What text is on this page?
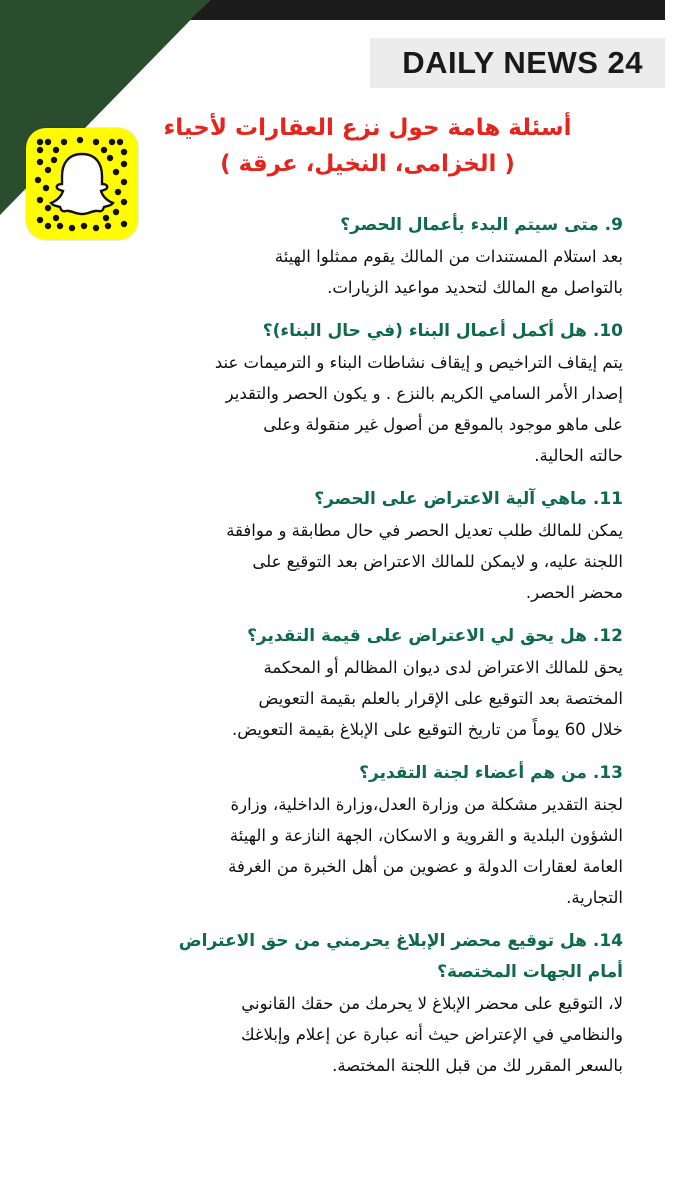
DAILY NEWS 24
أسئلة هامة حول نزع العقارات لأحياء
( الخزامى، النخيل، عرقة )

9. متى سيتم البدء بأعمال الحصر؟

بعد استلام المستندات من المالك يقوم ممثلوا الهيئة

بالتواصل مع المالك لتحديد مواعيد الزيارات.

10. هل أكمل أعمال البناء (في حال البناء)؟

يتم إيقاف التراخيص و إيقاف نشاطات البناء و الترميمات عند

إصدار الأمر السامي الكريم بالنزع . و يكون الحصر والتقدير

على ماهو موجود بالموقع من أصول غير منقولة وعلى

حالته الحالية.

11. ماهي آلية الاعتراض على الحصر؟

يمكن للمالك طلب تعديل الحصر في حال مطابقة و موافقة

اللجنة عليه، و لايمكن للمالك الاعتراض بعد التوقيع على

محضر الحصر.

12. هل يحق لي الاعتراض على قيمة التقدير؟

يحق للمالك الاعتراض لدى ديوان المظالم أو المحكمة

المختصة بعد التوقيع على الإقرار بالعلم بقيمة التعويض

خلال 60 يوماً من تاريخ التوقيع على الإبلاغ بقيمة التعويض.

13. من هم أعضاء لجنة التقدير؟

لجنة التقدير مشكلة من وزارة العدل،وزارة الداخلية، وزارة

الشؤون البلدية و القروية و الاسكان، الجهة النازعة و الهيئة

العامة لعقارات الدولة و عضوين من أهل الخبرة من الغرفة

التجارية.

14. هل توقيع محضر الإبلاغ يحرمني من حق الاعتراض

أمام الجهات المختصة؟

لا، التوقيع على محضر الإبلاغ لا يحرمك من حقك القانوني

والنظامي في الإعتراض حيث أنه عبارة عن إعلام وإبلاغك

بالسعر المقرر لك من قبل اللجنة المختصة.
